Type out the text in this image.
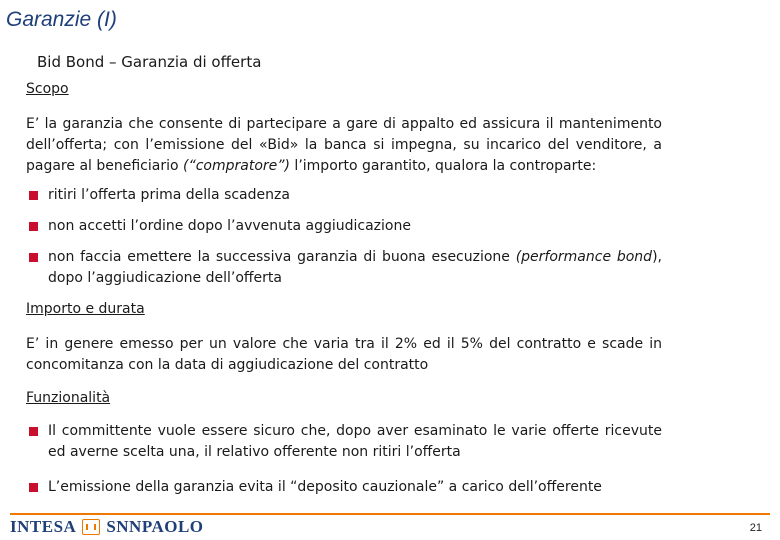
Garanzie (I)
Bid Bond – Garanzia di offerta
Scopo

E’ la garanzia che consente di partecipare a gare di appalto ed assicura il mantenimento dell’offerta; con l’emissione del «Bid» la banca si impegna, su incarico del venditore, a pagare al beneficiario (“compratore”) l’importo garantito, qualora la controparte:

ritiri l’offerta prima della scadenza
non accetti l’ordine dopo l’avvenuta aggiudicazione
non faccia emettere la successiva garanzia di buona esecuzione (performance bond), dopo l’aggiudicazione dell’offerta
Importo e durata

E’ in genere emesso per un valore che varia tra il 2% ed il 5% del contratto e scade in concomitanza con la data di aggiudicazione del contratto

Funzionalità
Il committente vuole essere sicuro che, dopo aver esaminato le varie offerte ricevute ed averne scelta una, il relativo offerente non ritiri l’offerta
L’emissione della garanzia evita il “deposito cauzionale” a carico dell’offerente
INTESA SNNPAOLO	21
